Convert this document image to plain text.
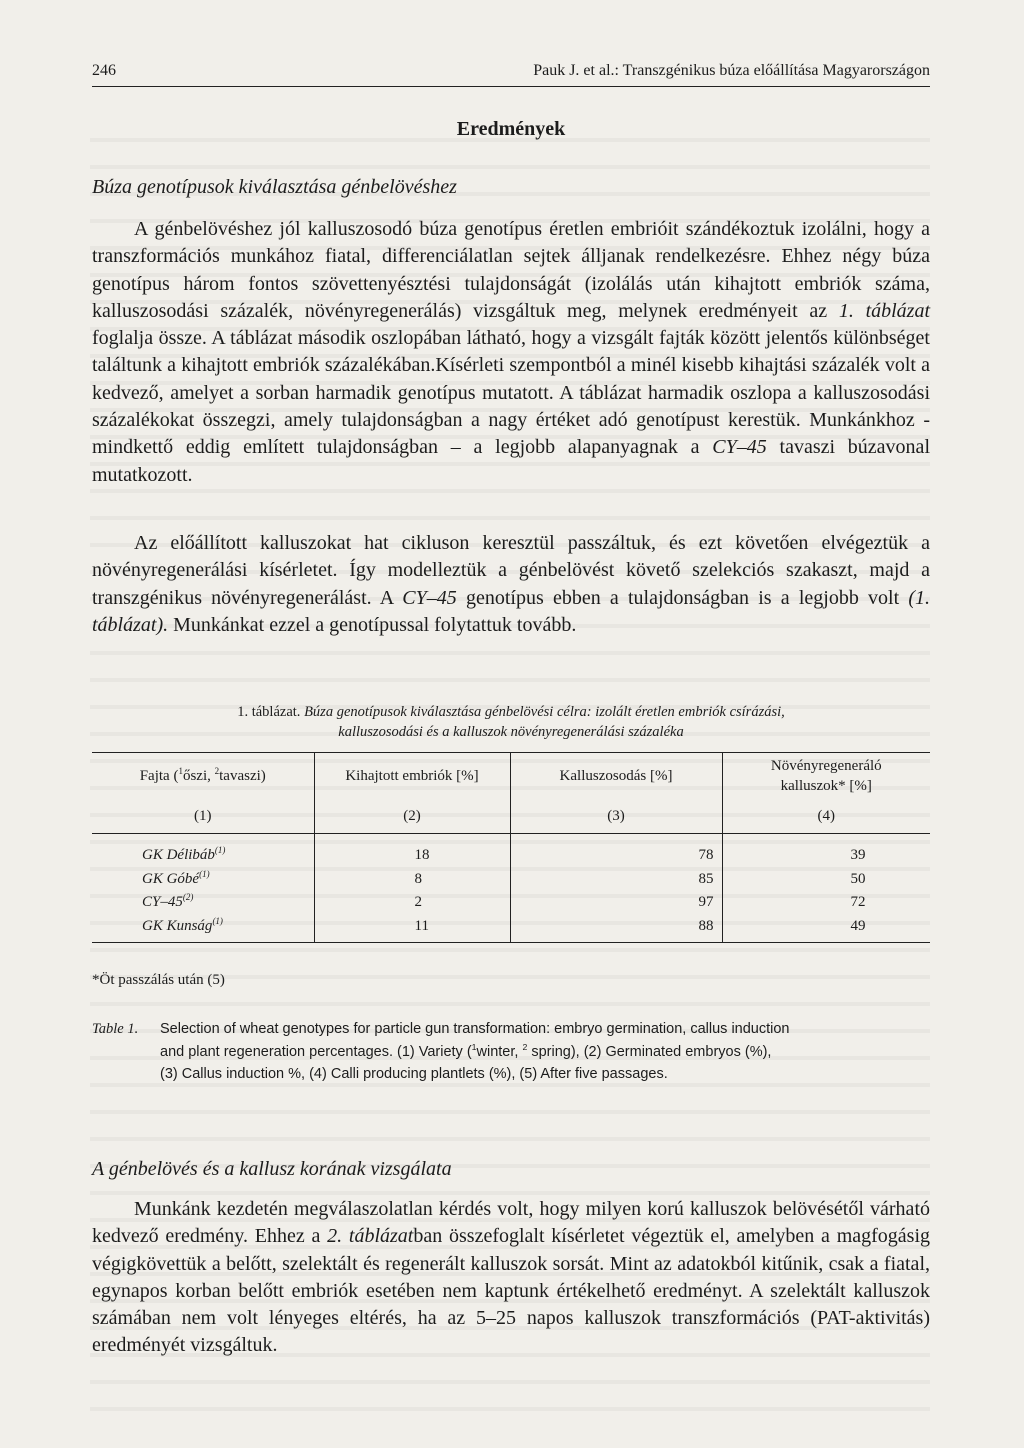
246	Pauk J. et al.: Transzgénikus búza előállítása Magyarországon
Eredmények
Búza genotípusok kiválasztása génbelövéshez

A génbelövéshez jól kalluszosodó búza genotípus éretlen embrióit szándékoztuk izolálni, hogy a transzformációs munkához fiatal, differenciálatlan sejtek álljanak rendelkezésre. Ehhez négy búza genotípus három fontos szövettenyésztési tulajdonságát (izolálás után kihajtott embriók száma, kalluszosodási százalék, növényregenerálás) vizsgáltuk meg, melynek eredményeit az 1. táblázat foglalja össze. A táblázat második oszlopában látható, hogy a vizsgált fajták között jelentős különbséget találtunk a kihajtott embriók százalékában.Kísérleti szempontból a minél kisebb kihajtási százalék volt a kedvező, amelyet a sorban harmadik genotípus mutatott. A táblázat harmadik oszlopa a kalluszosodási százalékokat összegzi, amely tulajdonságban a nagy értéket adó genotípust kerestük. Munkánkhoz - mindkettő eddig említett tulajdonságban – a legjobb alapanyagnak a CY–45 tavaszi búzavonal mutatkozott.

Az előállított kalluszokat hat cikluson keresztül passzáltuk, és ezt követően elvégeztük a növényregenerálási kísérletet. Így modelleztük a génbelövést követő szelekciós szakaszt, majd a transzgénikus növényregenerálást. A CY–45 genotípus ebben a tulajdonságban is a legjobb volt (1. táblázat). Munkánkat ezzel a genotípussal folytattuk tovább.

1. táblázat. Búza genotípusok kiválasztása génbelövési célra: izolált éretlen embriók csírázási,
kalluszosodási és a kalluszok növényregenerálási százaléka
Fajta ($^1$őszi, $^2$tavaszi)	Kihajtott embriók [%]	Kalluszosodás [%]	Növényregeneráló
kalluszok* [%]

(1)	(2)	(3)	(4)
GK Délibáb$^{(1)}$	18	78	39
GK Góbé$^{(1)}$	8	85	50
CY–45$^{(2)}$	2	97	72
GK Kunság$^{(1)}$	11	88	49
*Öt passzálás után (5)
Table 1. Selection of wheat genotypes for particle gun transformation: embryo germination, callus induction
and plant regeneration percentages. (1) Variety ($^1$winter, $^2$ spring), (2) Germinated embryos (%),
(3) Callus induction %, (4) Calli producing plantlets (%), (5) After five passages.
A génbelövés és a kallusz korának vizsgálata

Munkánk kezdetén megválaszolatlan kérdés volt, hogy milyen korú kalluszok belövésétől várható kedvező eredmény. Ehhez a 2. táblázatban összefoglalt kísérletet végeztük el, amelyben a magfogásig végigkövettük a belőtt, szelektált és regenerált kalluszok sorsát. Mint az adatokból kitűnik, csak a fiatal, egynapos korban belőtt embriók esetében nem kaptunk értékelhető eredményt. A szelektált kalluszok számában nem volt lényeges eltérés, ha az 5–25 napos kalluszok transzformációs (PAT-aktivitás) eredményét vizsgáltuk.
